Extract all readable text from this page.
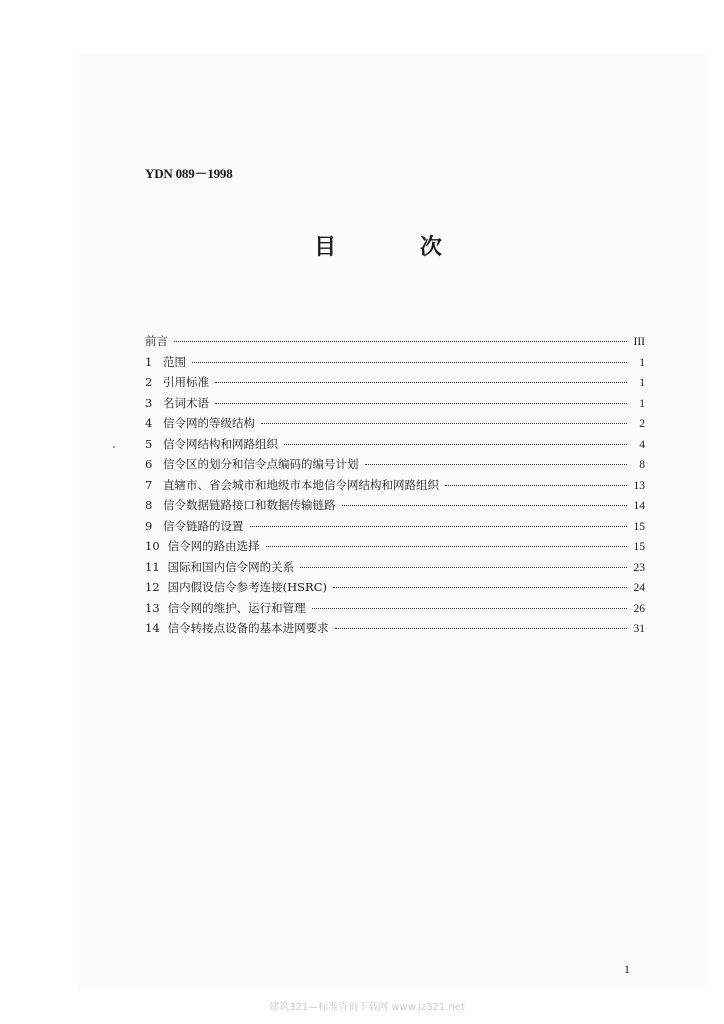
YDN 089－1998
目 次
前言	III
1 范围	1
2 引用标准	1
3 名词术语	1
4 信令网的等级结构	2
5 信令网结构和网路组织	4
6 信令区的划分和信令点编码的编号计划	8
7 直辖市、省会城市和地级市本地信令网结构和网路组织	13
8 信令数据链路接口和数据传输链路	14
9 信令链路的设置	15
10 信令网的路由选择	15
11 国际和国内信令网的关系	23
12 国内假设信令参考连接(HSRC)	24
13 信令网的维护、运行和管理	26
14 信令转接点设备的基本进网要求	31
1
建筑321—标准查询下载网 www.jz321.net
